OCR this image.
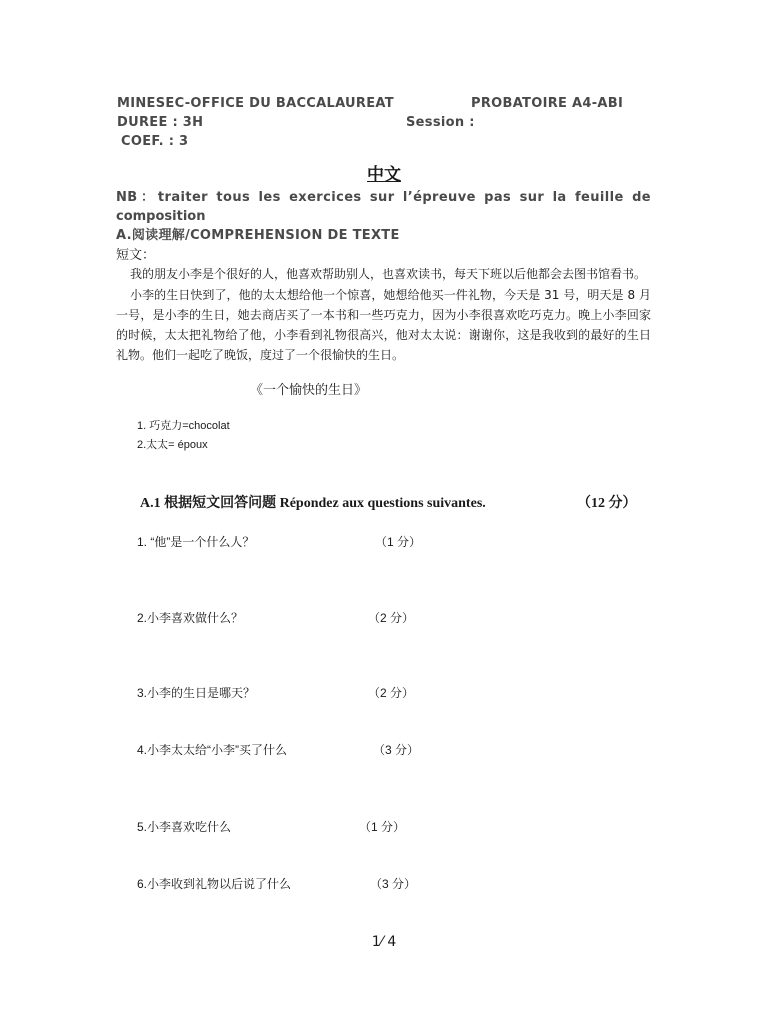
MINESEC-OFFICE DU BACCALAUREAT	PROBATOIRE A4-ABI
DUREE : 3H	Session :
COEF. : 3
中文
NB：traiter tous les exercices sur l’épreuve pas sur la feuille de
composition
A.阅读理解/COMPREHENSION DE TEXTE
短文：
我的朋友小李是个很好的人，他喜欢帮助别人，也喜欢读书，每天下班以后他都会去图书馆看书。
小李的生日快到了，他的太太想给他一个惊喜，她想给他买一件礼物，今天是 31 号，明天是 8 月一号，是小李的生日，她去商店买了一本书和一些巧克力，因为小李很喜欢吃巧克力。晚上小李回家的时候，太太把礼物给了他，小李看到礼物很高兴，他对太太说：谢谢你，这是我收到的最好的生日礼物。他们一起吃了晚饭，度过了一个很愉快的生日。
《一个愉快的生日》
1. 巧克力=chocolat
2.太太= époux
A.1 根据短文回答问题 Répondez aux questions suivantes.	（12 分）
1. “他”是一个什么人？	（1 分）
2.小李喜欢做什么？	（2 分）
3.小李的生日是哪天？	（2 分）
4.小李太太给“小李”买了什么	（3 分）
5.小李喜欢吃什么	（1 分）
6.小李收到礼物以后说了什么	（3 分）
1⁄ 4
